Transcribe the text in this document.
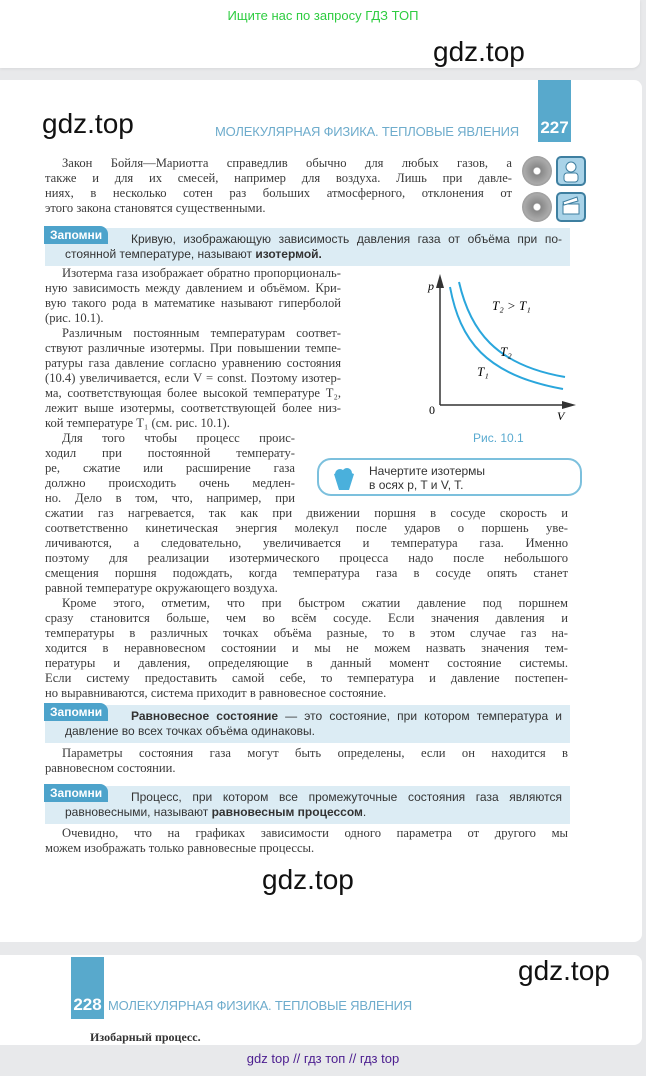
Ищите нас по запросу ГДЗ ТОП
gdz.top
227
МОЛЕКУЛЯРНАЯ ФИЗИКА. ТЕПЛОВЫЕ ЯВЛЕНИЯ
gdz.top
Закон Бойля—Мариотта справедлив обычно для любых газов, а
также и для их смесей, например для воздуха. Лишь при давле-
ниях, в несколько сотен раз больших атмосферного, отклонения от
этого закона становятся существенными.
Запомни	Кривую, изображающую зависимость давления газа от объёма при по-
стоянной температуре, называют изотермой.
Изотерма газа изображает обратно пропорциональ-
ную зависимость между давлением и объёмом. Кри-
вую такого рода в математике называют гиперболой
(рис. 10.1).
Различным постоянным температурам соответ-
ствуют различные изотермы. При повышении темпе-
ратуры газа давление согласно уравнению состояния
(10.4) увеличивается, если V = const. Поэтому изотер-
ма, соответствующая более высокой температуре T₂,
лежит выше изотермы, соответствующей более низ-
кой температуре T₁ (см. рис. 10.1).
Для того чтобы процесс проис-
ходил при постоянной температу-
ре, сжатие или расширение газа
должно происходить очень медлен-
но. Дело в том, что, например, при
сжатии газ нагревается, так как при движении поршня в сосуде скорость и
соответственно кинетическая энергия молекул после ударов о поршень уве-
личиваются, а следовательно, увеличивается и температура газа. Именно
поэтому для реализации изотермического процесса надо после небольшого
смещения поршня подождать, когда температура газа в сосуде опять станет
равной температуре окружающего воздуха.
Кроме этого, отметим, что при быстром сжатии давление под поршнем
сразу становится больше, чем во всём сосуде. Если значения давления и
температуры в различных точках объёма разные, то в этом случае газ на-
ходится в неравновесном состоянии и мы не можем назвать значения тем-
пературы и давления, определяющие в данный момент состояние системы.
Если систему предоставить самой себе, то температура и давление постепен-
но выравниваются, система приходит в равновесное состояние.
Запомни	Равновесное состояние — это состояние, при котором температура и
давление во всех точках объёма одинаковы.
Параметры состояния газа могут быть определены, если он находится в
равновесном состоянии.
Запомни	Процесс, при котором все промежуточные состояния газа являются
равновесными, называют равновесным процессом.
Очевидно, что на графиках зависимости одного параметра от другого мы
можем изображать только равновесные процессы.
p
V
0
T₂ > T₁
T₂
T₁
Рис. 10.1
Начертите изотермы
в осях p, T и V, T.
gdz.top
228 МОЛЕКУЛЯРНАЯ ФИЗИКА. ТЕПЛОВЫЕ ЯВЛЕНИЯ
gdz.top
Изобарный процесс.
gdz top // гдз топ // гдз top
